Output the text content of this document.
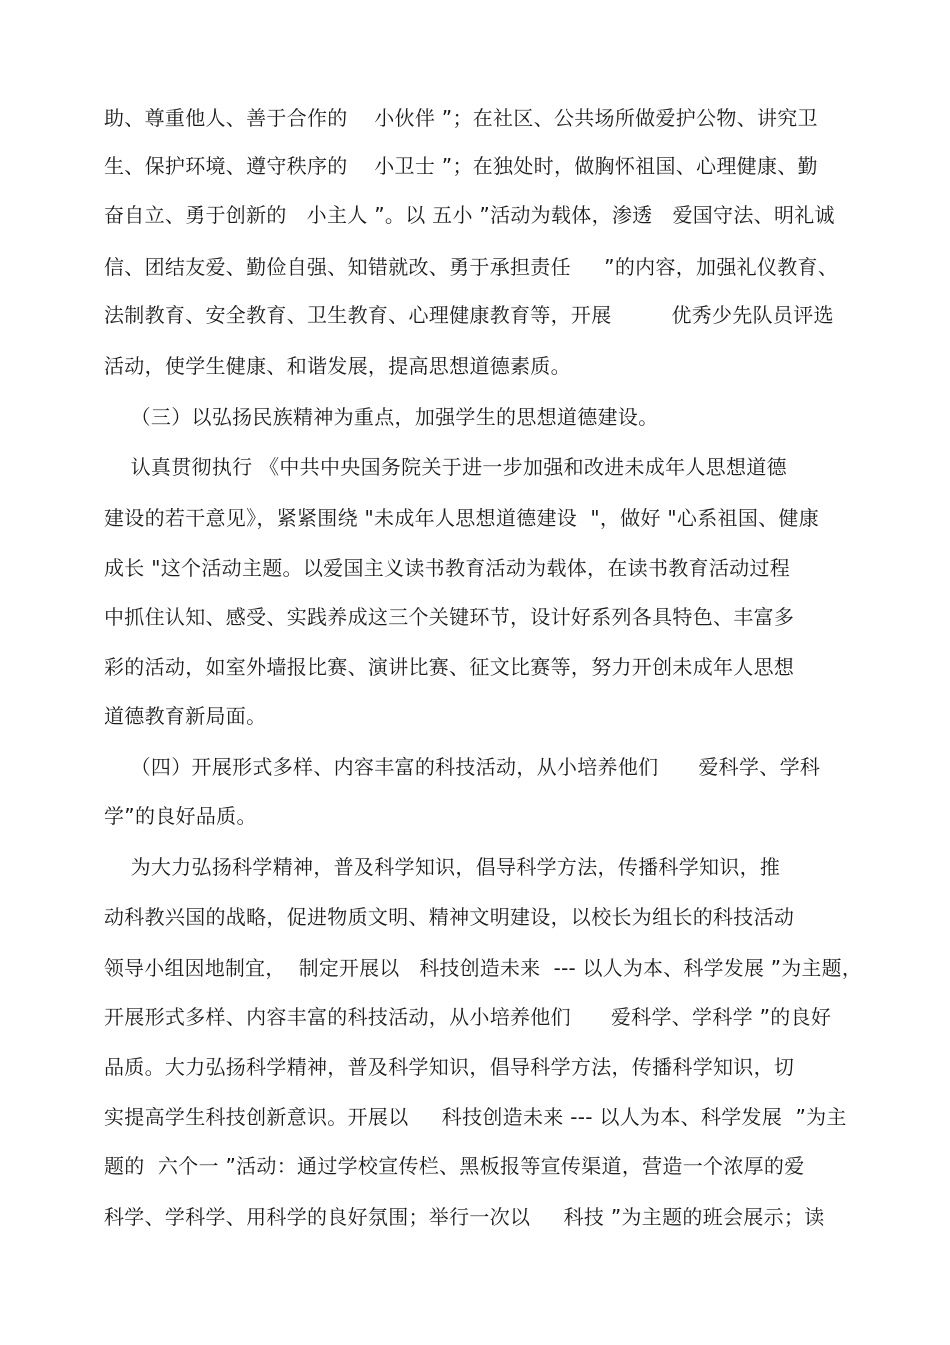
助、尊重他人、善于合作的    小伙伴 ”；在社区、公共场所做爱护公物、讲究卫
生、保护环境、遵守秩序的    小卫士 ”；在独处时，做胸怀祖国、心理健康、勤
奋自立、勇于创新的   小主人 ”。以 五小 ”活动为载体，渗透   爱国守法、明礼诚
信、团结友爱、勤俭自强、知错就改、勇于承担责任     ”的内容，加强礼仪教育、
法制教育、安全教育、卫生教育、心理健康教育等，开展         优秀少先队员评选
活动，使学生健康、和谐发展，提高思想道德素质。
（三）以弘扬民族精神为重点，加强学生的思想道德建设。
认真贯彻执行 《中共中央国务院关于进一步加强和改进未成年人思想道德
建设的若干意见》，紧紧围绕 "未成年人思想道德建设  "，做好 "心系祖国、健康
成长 "这个活动主题。以爱国主义读书教育活动为载体，在读书教育活动过程
中抓住认知、感受、实践养成这三个关键环节，设计好系列各具特色、丰富多
彩的活动，如室外墙报比赛、演讲比赛、征文比赛等，努力开创未成年人思想
道德教育新局面。
（四）开展形式多样、内容丰富的科技活动，从小培养他们      爱科学、学科
学”的良好品质。
为大力弘扬科学精神，普及科学知识，倡导科学方法，传播科学知识，推
动科教兴国的战略，促进物质文明、精神文明建设，以校长为组长的科技活动
领导小组因地制宜，  制定开展以   科技创造未来  --- 以人为本、科学发展 ”为主题，
开展形式多样、内容丰富的科技活动，从小培养他们      爱科学、学科学 ”的良好
品质。大力弘扬科学精神，普及科学知识，倡导科学方法，传播科学知识，切
实提高学生科技创新意识。开展以     科技创造未来 --- 以人为本、科学发展  ”为主
题的  六个一 ”活动：通过学校宣传栏、黑板报等宣传渠道，营造一个浓厚的爱
科学、学科学、用科学的良好氛围；举行一次以     科技 ”为主题的班会展示；读
